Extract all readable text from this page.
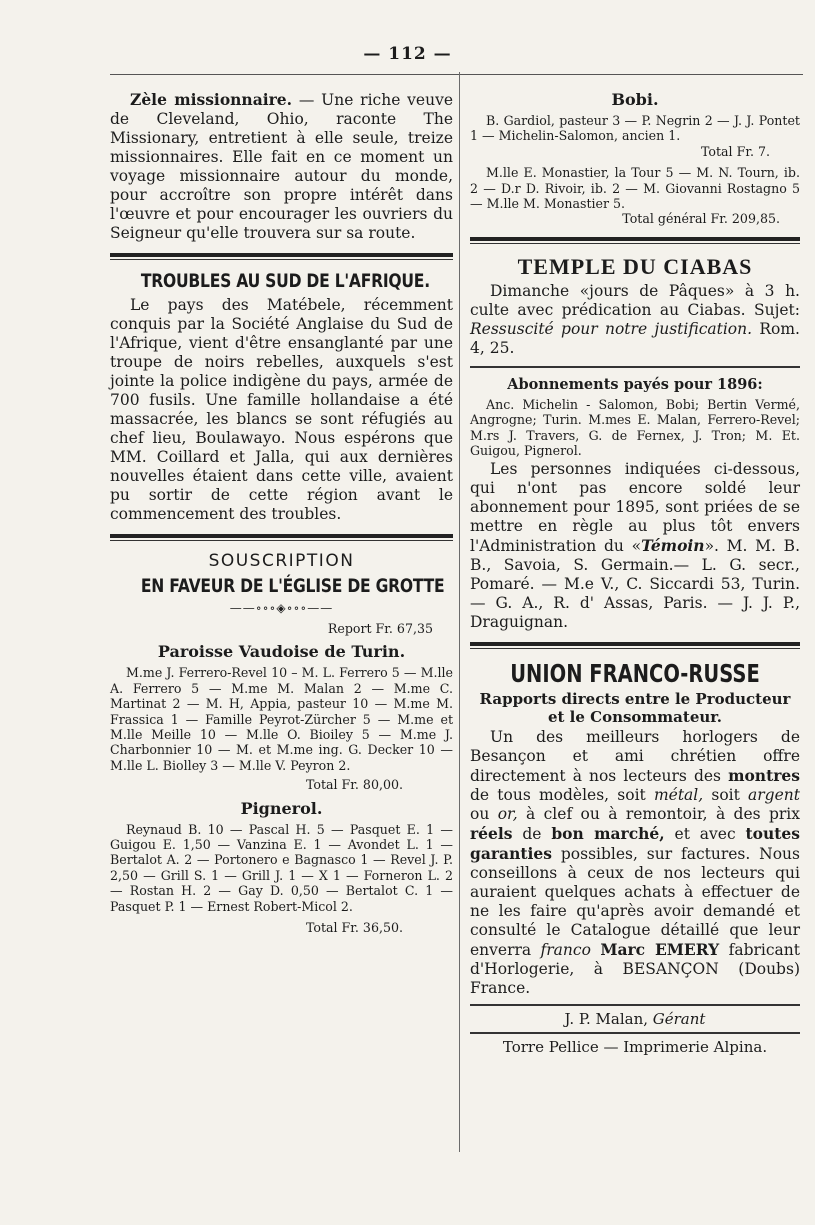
— 112 —

Zèle missionnaire. — Une riche veuve de Cleveland, Ohio, raconte The Missionary, entretient à elle seule, treize missionnaires. Elle fait en ce moment un voyage missionnaire autour du monde, pour accroître son propre intérêt dans l'œuvre et pour encourager les ouvriers du Seigneur qu'elle trouvera sur sa route.

TROUBLES AU SUD DE L'AFRIQUE.

Le pays des Matébele, récemment conquis par la Société Anglaise du Sud de l'Afrique, vient d'être ensanglanté par une troupe de noirs rebelles, auxquels s'est jointe la police indigène du pays, armée de 700 fusils. Une famille hollandaise a été massacrée, les blancs se sont réfugiés au chef lieu, Boulawayo. Nous espérons que MM. Coillard et Jalla, qui aux dernières nouvelles étaient dans cette ville, avaient pu sortir de cette région avant le commencement des troubles.

SOUSCRIPTION
EN FAVEUR DE L'ÉGLISE DE GROTTE
——∘∘∘◈∘∘∘——

Report Fr. 67,35

Paroisse Vaudoise de Turin.

M.me J. Ferrero-Revel 10 – M. L. Ferrero 5 — M.lle A. Ferrero 5 — M.me M. Malan 2 — M.me C. Martinat 2 — M. H, Appia, pasteur 10 — M.me M. Frassica 1 — Famille Peyrot-Zürcher 5 — M.me et M.lle Meille 10 — M.lle O. Bioiley 5 — M.me J. Charbonnier 10 — M. et M.me ing. G. Decker 10 — M.lle L. Biolley 3 — M.lle V. Peyron 2.

Total Fr. 80,00.

Pignerol.

Reynaud B. 10 — Pascal H. 5 — Pasquet E. 1 — Guigou E. 1,50 — Vanzina E. 1 — Avondet L. 1 — Bertalot A. 2 — Portonero e Bagnasco 1 — Revel J. P. 2,50 — Grill S. 1 — Grill J. 1 — X 1 — Forneron L. 2 — Rostan H. 2 — Gay D. 0,50 — Bertalot C. 1 — Pasquet P. 1 — Ernest Robert-Micol 2.

Total Fr. 36,50.

Bobi.

B. Gardiol, pasteur 3 — P. Negrin 2 — J. J. Pontet 1 — Michelin-Salomon, ancien 1.

Total Fr. 7.

M.lle E. Monastier, la Tour 5 — M. N. Tourn, ib. 2 — D.r D. Rivoir, ib. 2 — M. Giovanni Rostagno 5 — M.lle M. Monastier 5.

Total général Fr. 209,85.

TEMPLE DU CIABAS

Dimanche «jours de Pâques» à 3 h. culte avec prédication au Ciabas. Sujet: Ressuscité pour notre justification. Rom. 4, 25.

Abonnements payés pour 1896:

Anc. Michelin - Salomon, Bobi; Bertin Vermé, Angrogne; Turin. M.mes E. Malan, Ferrero-Revel; M.rs J. Travers, G. de Fernex, J. Tron; M. Et. Guigou, Pignerol.

Les personnes indiquées ci-dessous, qui n'ont pas encore soldé leur abonnement pour 1895, sont priées de se mettre en règle au plus tôt envers l'Administration du «Témoin». M. M. B. B., Savoia, S. Germain.— L. G. secr., Pomaré. — M.e V., C. Siccardi 53, Turin. — G. A., R. d' Assas, Paris. — J. J. P., Draguignan.

UNION FRANCO-RUSSE

Rapports directs entre le Producteur et le Consommateur.

Un des meilleurs horlogers de Besançon et ami chrétien offre directement à nos lecteurs des montres de tous modèles, soit métal, soit argent ou or, à clef ou à remontoir, à des prix réels de bon marché, et avec toutes garanties possibles, sur factures. Nous conseillons à ceux de nos lecteurs qui auraient quelques achats à effectuer de ne les faire qu'après avoir demandé et consulté le Catalogue détaillé que leur enverra franco Marc EMERY fabricant d'Horlogerie, à BESANÇON (Doubs) France.

J. P. Malan, Gérant

Torre Pellice — Imprimerie Alpina.
